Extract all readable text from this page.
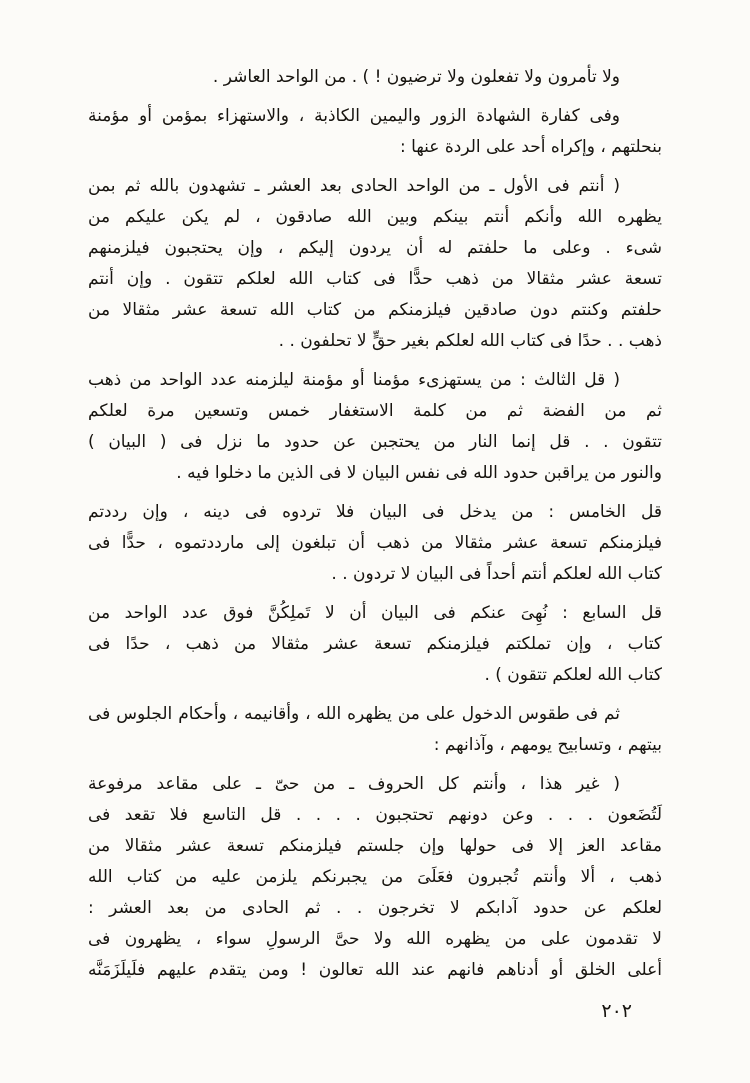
ولا تأمرون ولا تفعلون ولا ترضيون ! ) . من الواحد العاشر .
وفى كفارة الشهادة الزور واليمين الكاذبة ، والاستهزاء بمؤمن أو مؤمنة
بنحلتهم ، وإكراه أحد على الردة عنها :
( أنتم فى الأول ـ من الواحد الحادى بعد العشر ـ تشهدون بالله ثم بمن
يظهره الله وأنكم أنتم بينكم وبين الله صادقون ، لم يكن عليكم من
شىء . وعلى ما حلفتم له أن يردون إليكم ، وإن يحتجبون فيلزمنهم
تسعة عشر مثقالا من ذهب حدًّا فى كتاب الله لعلكم تتقون . وإن أنتم
حلفتم وكنتم دون صادقين فيلزمنكم من كتاب الله تسعة عشر مثقالا من
ذهب . . حدًا فى كتاب الله لعلكم بغير حقٍّ لا تحلفون . .
( قل الثالث : من يستهزىء مؤمنا أو مؤمنة ليلزمنه عدد الواحد من ذهب
ثم من الفضة ثم من كلمة الاستغفار خمس وتسعين مرة لعلكم
تتقون . . قل إنما النار من يحتجبن عن حدود ما نزل فى ( البيان )
والنور من يراقبن حدود الله فى نفس البيان لا فى الذين ما دخلوا فيه .
قل الخامس : من يدخل فى البيان فلا تردوه فى دينه ، وإن رددتم
فيلزمنكم تسعة عشر مثقالا من ذهب أن تبلغون إلى مارددتموه ، حدًّا فى
كتاب الله لعلكم أنتم أحداً فى البيان لا تردون . .
قل السابع : نُهِىَ عنكم فى البيان أن لا تَملِكُنَّ فوق عدد الواحد من
كتاب ، وإن تملكتم فيلزمنكم تسعة عشر مثقالا من ذهب ، حدًا فى
كتاب الله لعلكم تتقون ) .
ثم فى طقوس الدخول على من يظهره الله ، وأقانيمه ، وأحكام الجلوس فى
بيتهم ، وتسابيح يومهم ، وآذانهم :
( غير هذا ، وأنتم كل الحروف ـ من حىّ ـ على مقاعد مرفوعة
لَتُضَعون . . . وعن دونهم تحتجبون . . . . قل التاسع فلا تقعد فى
مقاعد العز إلا فى حولها وإن جلستم فيلزمنكم تسعة عشر مثقالا من
ذهب ، ألا وأنتم تُجبرون فعَلَىَ من يجبرنكم يلزمن عليه من كتاب الله
لعلكم عن حدود آدابكم لا تخرجون . . ثم الحادى من بعد العشر :
لا تقدمون على من يظهره الله ولا حىَّ الرسولِ سواء ، يظهرون فى
أعلى الخلق أو أدناهم فانهم عند الله تعالون ! ومن يتقدم عليهم فلَيلَزَمَنَّه
٢٠٢
